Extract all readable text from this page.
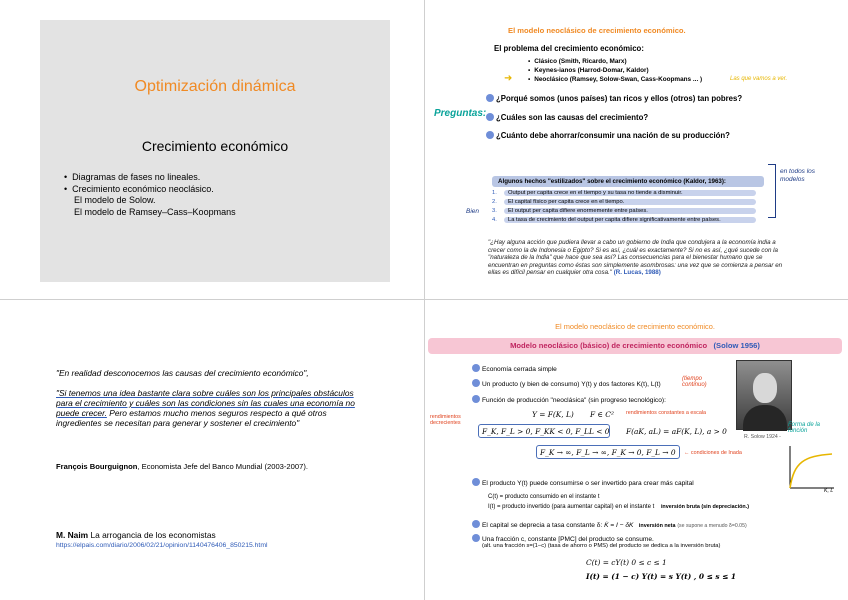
Optimización dinámica
Crecimiento económico
• Diagramas de fases no lineales.
• Crecimiento económico neoclásico.
El modelo de Solow.
El modelo de Ramsey–Cass–Koopmans
El modelo neoclásico de crecimiento económico.
El problema del crecimiento económico:
▪ Clásico (Smith, Ricardo, Marx)
▪ Keynes-ianos (Harrod-Domar, Kaldor)
▪ Neoclásico (Ramsey, Solow-Swan, Cass-Koopmans ... )
➜	Las que vamos a ver.
Preguntas:
¿Porqué somos (unos países) tan ricos y ellos (otros) tan pobres?
¿Cuáles son las causas del crecimiento?
¿Cuánto debe ahorrar/consumir una nación de su producción?
Algunos hechos "estilizados" sobre el crecimiento económico (Kaldor, 1963):
1. Output per capita crece en el tiempo y su tasa no tiende a disminuir.
2. El capital físico per capita crece en el tiempo.
3. El output per capita difiere enormemente entre países.
4. La tasa de crecimiento del output per capita difiere significativamente entre países.
Bien
en todos los modelos
"¿Hay alguna acción que pudiera llevar a cabo un gobierno de India que condujera a la economía india a crecer como la de Indonesia o Egipto? Si es así, ¿cuál es exactamente? Si no es así, ¿qué sucede con la "naturaleza de la India" que hace que sea así? Las consecuencias para el bienestar humano que se encuentran en preguntas como éstas son simplemente asombrosas: una vez que se comienza a pensar en ellas es difícil pensar en cualquier otra cosa." (R. Lucas, 1988)
"En realidad desconocemos las causas del crecimiento económico",
"Si tenemos una idea bastante clara sobre cuáles son los principales obstáculos para el crecimiento y cuáles son las condiciones sin las cuales una economía no puede crecer. Pero estamos mucho menos seguros respecto a qué otros ingredientes se necesitan para generar y sostener el crecimiento"
François Bourguignon, Economista Jefe del Banco Mundial (2003-2007).
M. Naim La arrogancia de los economistas
https://elpais.com/diario/2006/02/21/opinion/1140476406_850215.html
El modelo neoclásico de crecimiento económico.
Modelo neoclásico (básico) de crecimiento económico (Solow 1956)
Economía cerrada simple
Un producto (y bien de consumo) Y(t) y dos factores K(t), L(t)
Función de producción "neoclásica" (sin progreso tecnológico):
(tiempo continuo)
R. Solow 1924 -
Y = F(K, L) F ∈ C²
rendimientos decrecientes
rendimientos constantes a escala
F_K, F_L > 0, F_KK < 0, F_LL < 0 F(aK, aL) = aF(K, L), a > 0
F_K → ∞, F_L → ∞, F_K → 0, F_L → 0 ← condiciones de Inada
Forma de la función
K, L
El producto Y(t) puede consumirse o ser invertido para crear más capital
C(t) = producto consumido en el instante t
I(t) = producto invertido (para aumentar capital) en el instante t inversión bruta (sin depreciación.)
El capital se deprecia a tasa constante δ: K̇ = I − δK inversión neta (se supone a menudo δ=0.05)
Una fracción c, constante [PMC] del producto se consume.
(alt. una fracción s=(1−c) (tasa de ahorro o PMS) del producto se dedica a la inversión bruta)
C(t) = cY(t) 0 ≤ c ≤ 1
I(t) = (1 − c) Y(t) = s Y(t) , 0 ≤ s ≤ 1
